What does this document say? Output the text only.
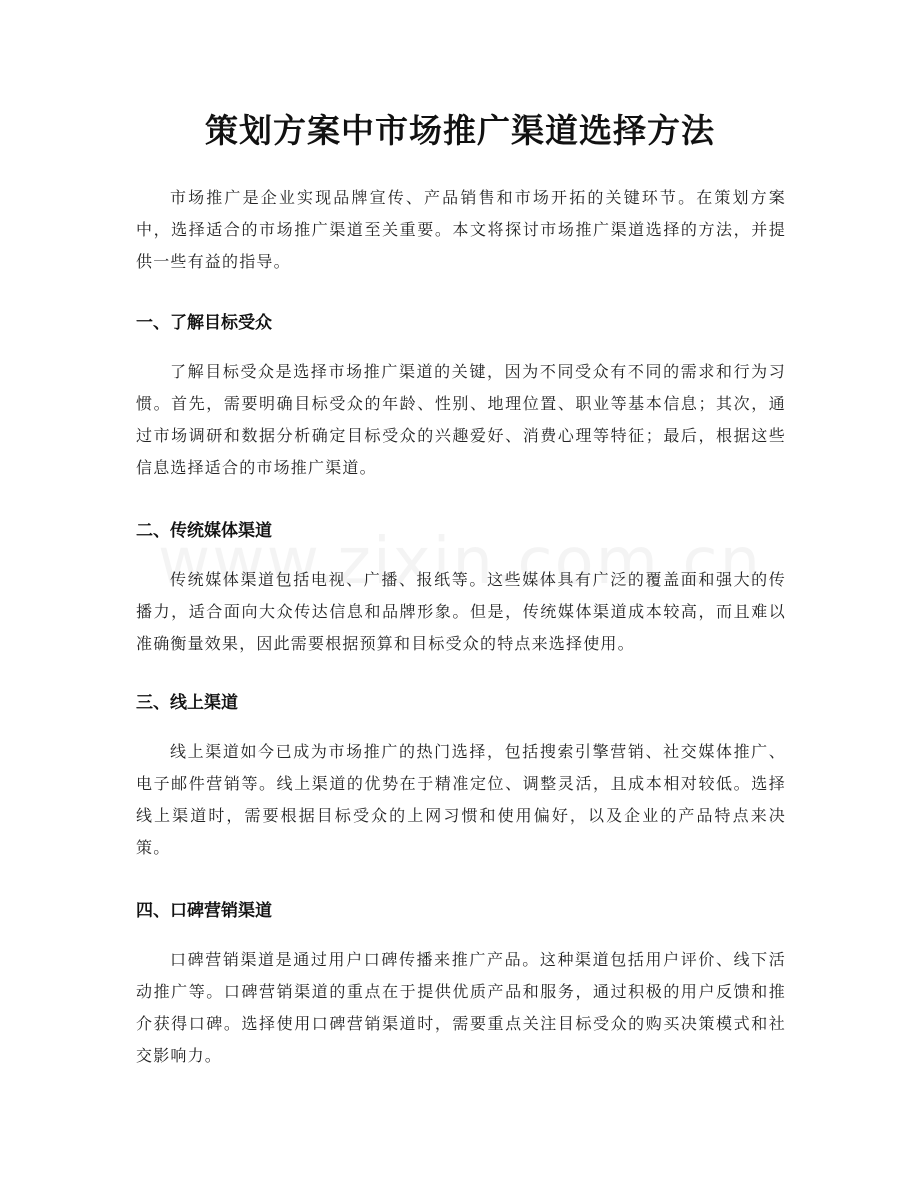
策划方案中市场推广渠道选择方法

市场推广是企业实现品牌宣传、产品销售和市场开拓的关键环节。在策划方案中，选择适合的市场推广渠道至关重要。本文将探讨市场推广渠道选择的方法，并提供一些有益的指导。

一、了解目标受众

了解目标受众是选择市场推广渠道的关键，因为不同受众有不同的需求和行为习惯。首先，需要明确目标受众的年龄、性别、地理位置、职业等基本信息；其次，通过市场调研和数据分析确定目标受众的兴趣爱好、消费心理等特征；最后，根据这些信息选择适合的市场推广渠道。

二、传统媒体渠道

传统媒体渠道包括电视、广播、报纸等。这些媒体具有广泛的覆盖面和强大的传播力，适合面向大众传达信息和品牌形象。但是，传统媒体渠道成本较高，而且难以准确衡量效果，因此需要根据预算和目标受众的特点来选择使用。

三、线上渠道

线上渠道如今已成为市场推广的热门选择，包括搜索引擎营销、社交媒体推广、电子邮件营销等。线上渠道的优势在于精准定位、调整灵活，且成本相对较低。选择线上渠道时，需要根据目标受众的上网习惯和使用偏好，以及企业的产品特点来决策。

四、口碑营销渠道

口碑营销渠道是通过用户口碑传播来推广产品。这种渠道包括用户评价、线下活动推广等。口碑营销渠道的重点在于提供优质产品和服务，通过积极的用户反馈和推介获得口碑。选择使用口碑营销渠道时，需要重点关注目标受众的购买决策模式和社交影响力。
